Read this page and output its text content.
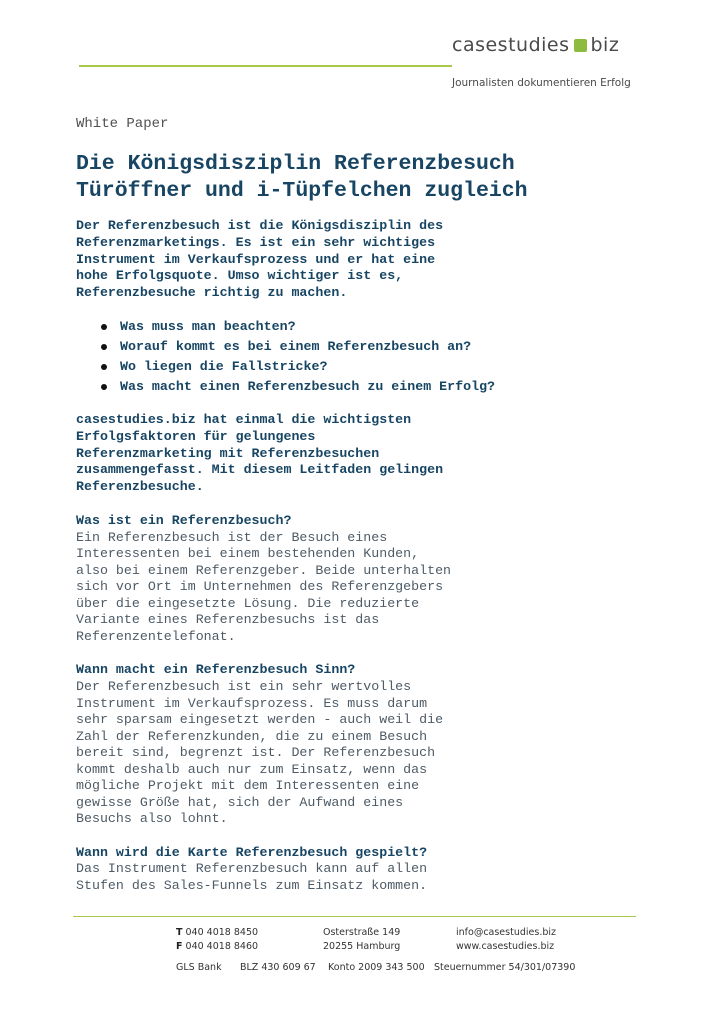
casestudies biz
Journalisten dokumentieren Erfolg
White Paper
Die Königsdisziplin Referenzbesuch
Türöffner und i-Tüpfelchen zugleich

Der Referenzbesuch ist die Königsdisziplin des
Referenzmarketings. Es ist ein sehr wichtiges
Instrument im Verkaufsprozess und er hat eine
hohe Erfolgsquote. Umso wichtiger ist es,
Referenzbesuche richtig zu machen.

Was muss man beachten?
Worauf kommt es bei einem Referenzbesuch an?
Wo liegen die Fallstricke?
Was macht einen Referenzbesuch zu einem Erfolg?

casestudies.biz hat einmal die wichtigsten
Erfolgsfaktoren für gelungenes
Referenzmarketing mit Referenzbesuchen
zusammengefasst. Mit diesem Leitfaden gelingen
Referenzbesuche.

Was ist ein Referenzbesuch?

Ein Referenzbesuch ist der Besuch eines
Interessenten bei einem bestehenden Kunden,
also bei einem Referenzgeber. Beide unterhalten
sich vor Ort im Unternehmen des Referenzgebers
über die eingesetzte Lösung. Die reduzierte
Variante eines Referenzbesuchs ist das
Referenzentelefonat.

Wann macht ein Referenzbesuch Sinn?

Der Referenzbesuch ist ein sehr wertvolles
Instrument im Verkaufsprozess. Es muss darum
sehr sparsam eingesetzt werden - auch weil die
Zahl der Referenzkunden, die zu einem Besuch
bereit sind, begrenzt ist. Der Referenzbesuch
kommt deshalb auch nur zum Einsatz, wenn das
mögliche Projekt mit dem Interessenten eine
gewisse Größe hat, sich der Aufwand eines
Besuchs also lohnt.

Wann wird die Karte Referenzbesuch gespielt?

Das Instrument Referenzbesuch kann auf allen
Stufen des Sales-Funnels zum Einsatz kommen.

T 040 4018 8450
F 040 4018 8460
Osterstraße 149
20255 Hamburg
info@casestudies.biz
www.casestudies.biz
GLS Bank BLZ 430 609 67 Konto 2009 343 500 Steuernummer 54/301/07390
